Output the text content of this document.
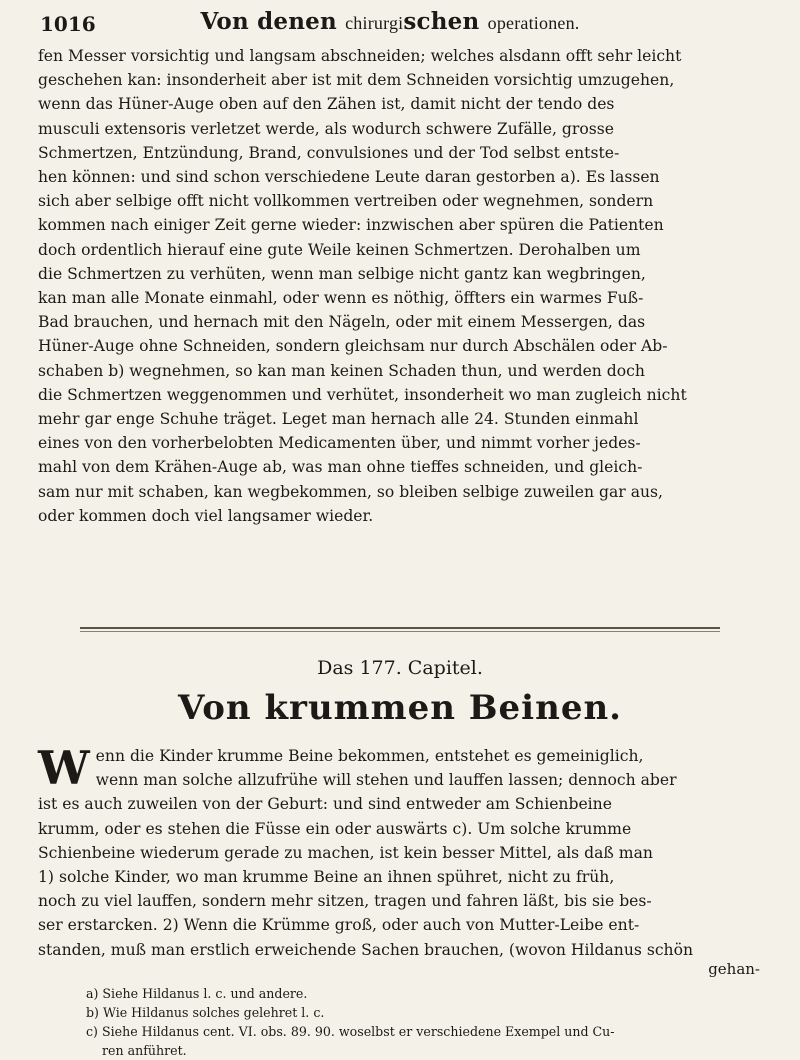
1016	Von denen chirurgischen operationen.
fen Messer vorsichtig und langsam abschneiden; welches alsdann offt sehr leicht
geschehen kan: insonderheit aber ist mit dem Schneiden vorsichtig umzugehen,
wenn das Hüner-Auge oben auf den Zähen ist, damit nicht der tendo des
musculi extensoris verletzet werde, als wodurch schwere Zufälle, grosse
Schmertzen, Entzündung, Brand, convulsiones und der Tod selbst entste-
hen können: und sind schon verschiedene Leute daran gestorben a). Es lassen
sich aber selbige offt nicht vollkommen vertreiben oder wegnehmen, sondern
kommen nach einiger Zeit gerne wieder: inzwischen aber spüren die Patienten
doch ordentlich hierauf eine gute Weile keinen Schmertzen. Derohalben um
die Schmertzen zu verhüten, wenn man selbige nicht gantz kan wegbringen,
kan man alle Monate einmahl, oder wenn es nöthig, öffters ein warmes Fuß-
Bad brauchen, und hernach mit den Nägeln, oder mit einem Messergen, das
Hüner-Auge ohne Schneiden, sondern gleichsam nur durch Abschälen oder Ab-
schaben b) wegnehmen, so kan man keinen Schaden thun, und werden doch
die Schmertzen weggenommen und verhütet, insonderheit wo man zugleich nicht
mehr gar enge Schuhe träget. Leget man hernach alle 24. Stunden einmahl
eines von den vorherbelobten Medicamenten über, und nimmt vorher jedes-
mahl von dem Krähen-Auge ab, was man ohne tieffes schneiden, und gleich-
sam nur mit schaben, kan wegbekommen, so bleiben selbige zuweilen gar aus,
oder kommen doch viel langsamer wieder.
Das 177. Capitel.
Von krummen Beinen.
W enn die Kinder krumme Beine bekommen, entstehet es gemeiniglich,
wenn man solche allzufrühe will stehen und lauffen lassen; dennoch aber
ist es auch zuweilen von der Geburt: und sind entweder am Schienbeine
krumm, oder es stehen die Füsse ein oder auswärts c). Um solche krumme
Schienbeine wiederum gerade zu machen, ist kein besser Mittel, als daß man
1) solche Kinder, wo man krumme Beine an ihnen spühret, nicht zu früh,
noch zu viel lauffen, sondern mehr sitzen, tragen und fahren läßt, bis sie bes-
ser erstarcken. 2) Wenn die Krümme groß, oder auch von Mutter-Leibe ent-
standen, muß man erstlich erweichende Sachen brauchen, (wovon Hildanus schön
gehan-
a) Siehe Hildanus l. c. und andere.
b) Wie Hildanus solches gelehret l. c.
c) Siehe Hildanus cent. VI. obs. 89. 90. woselbst er verschiedene Exempel und Cu-
ren anführet.
